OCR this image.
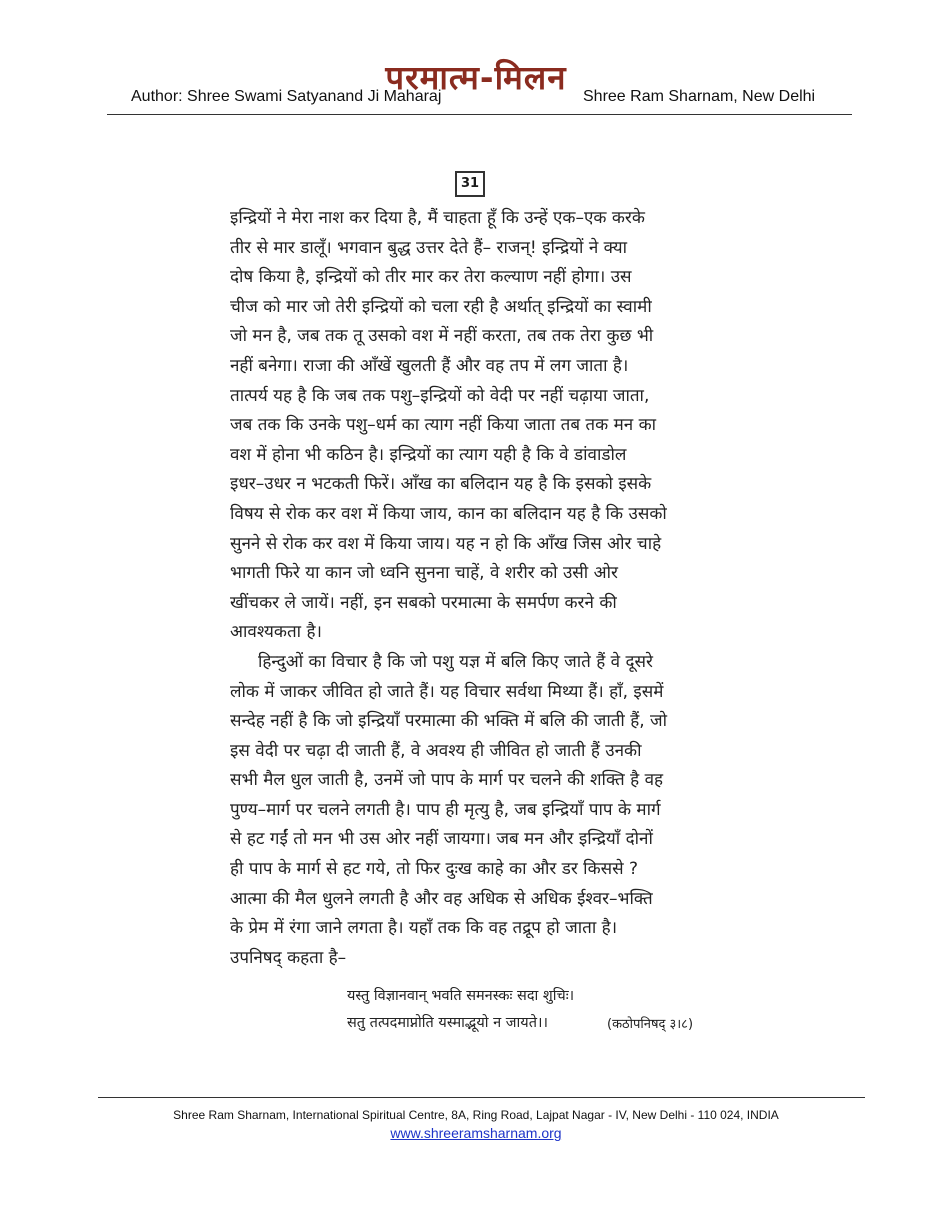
परमात्म-मिलन
Author: Shree Swami Satyanand Ji Maharaj	Shree Ram Sharnam, New Delhi
31
इन्द्रियों ने मेरा नाश कर दिया है, मैं चाहता हूँ कि उन्हें एक–एक करके
तीर से मार डालूँ। भगवान बुद्ध उत्तर देते हैं– राजन्! इन्द्रियों ने क्या
दोष किया है, इन्द्रियों को तीर मार कर तेरा कल्याण नहीं होगा। उस
चीज को मार जो तेरी इन्द्रियों को चला रही है अर्थात् इन्द्रियों का स्वामी
जो मन है, जब तक तू उसको वश में नहीं करता, तब तक तेरा कुछ भी
नहीं बनेगा। राजा की आँखें खुलती हैं और वह तप में लग जाता है।
तात्पर्य यह है कि जब तक पशु–इन्द्रियों को वेदी पर नहीं चढ़ाया जाता,
जब तक कि उनके पशु–धर्म का त्याग नहीं किया जाता तब तक मन का
वश में होना भी कठिन है। इन्द्रियों का त्याग यही है कि वे डांवाडोल
इधर–उधर न भटकती फिरें। आँख का बलिदान यह है कि इसको इसके
विषय से रोक कर वश में किया जाय, कान का बलिदान यह है कि उसको
सुनने से रोक कर वश में किया जाय। यह न हो कि आँख जिस ओर चाहे
भागती फिरे या कान जो ध्वनि सुनना चाहें, वे शरीर को उसी ओर
खींचकर ले जायें। नहीं, इन सबको परमात्मा के समर्पण करने की
आवश्यकता है।
हिन्दुओं का विचार है कि जो पशु यज्ञ में बलि किए जाते हैं वे दूसरे
लोक में जाकर जीवित हो जाते हैं। यह विचार सर्वथा मिथ्या हैं। हाँ, इसमें
सन्देह नहीं है कि जो इन्द्रियाँ परमात्मा की भक्ति में बलि की जाती हैं, जो
इस वेदी पर चढ़ा दी जाती हैं, वे अवश्य ही जीवित हो जाती हैं उनकी
सभी मैल धुल जाती है, उनमें जो पाप के मार्ग पर चलने की शक्ति है वह
पुण्य–मार्ग पर चलने लगती है। पाप ही मृत्यु है, जब इन्द्रियाँ पाप के मार्ग
से हट गईं तो मन भी उस ओर नहीं जायगा। जब मन और इन्द्रियाँ दोनों
ही पाप के मार्ग से हट गये, तो फिर दुःख काहे का और डर किससे ?
आत्मा की मैल धुलने लगती है और वह अधिक से अधिक ईश्वर–भक्ति
के प्रेम में रंगा जाने लगता है। यहाँ तक कि वह तद्रूप हो जाता है।
उपनिषद् कहता है–
यस्तु विज्ञानवान् भवति समनस्कः सदा शुचिः।
सतु तत्पदमाप्नोति यस्माद्भूयो न जायते।।	(कठोपनिषद् ३।८)
Shree Ram Sharnam, International Spiritual Centre, 8A, Ring Road, Lajpat Nagar - IV, New Delhi - 110 024, INDIA
www.shreeramsharnam.org
